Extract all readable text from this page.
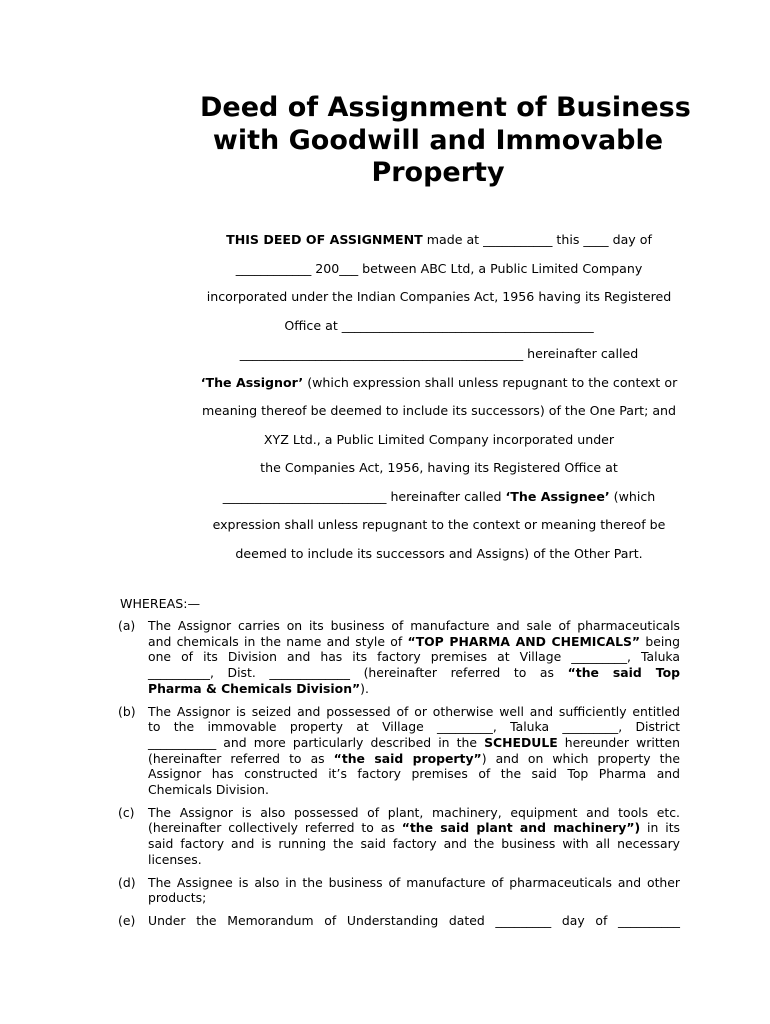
Deed of Assignment of Business
with Goodwill and Immovable
Property
THIS DEED OF ASSIGNMENT made at ___________ this ____ day of
____________ 200___ between ABC Ltd, a Public Limited Company
incorporated under the Indian Companies Act, 1956 having its Registered
Office at ________________________________________
_____________________________________________ hereinafter called
‘The Assignor’ (which expression shall unless repugnant to the context or
meaning thereof be deemed to include its successors) of the One Part; and
XYZ Ltd., a Public Limited Company incorporated under
the Companies Act, 1956, having its Registered Office at
__________________________ hereinafter called ‘The Assignee’ (which
expression shall unless repugnant to the context or meaning thereof be
deemed to include its successors and Assigns) of the Other Part.
WHEREAS:—
(a) The Assignor carries on its business of manufacture and sale of pharmaceuticals
and chemicals in the name and style of “TOP PHARMA AND CHEMICALS” being
one of its Division and has its factory premises at Village _________, Taluka
__________, Dist. _____________ (hereinafter referred to as “the said Top
Pharma & Chemicals Division”).
(b) The Assignor is seized and possessed of or otherwise well and sufficiently entitled
to the immovable property at Village _________, Taluka _________, District
___________ and more particularly described in the SCHEDULE hereunder written
(hereinafter referred to as “the said property”) and on which property the
Assignor has constructed it’s factory premises of the said Top Pharma and
Chemicals Division.
(c) The Assignor is also possessed of plant, machinery, equipment and tools etc.
(hereinafter collectively referred to as “the said plant and machinery”) in its
said factory and is running the said factory and the business with all necessary
licenses.
(d) The Assignee is also in the business of manufacture of pharmaceuticals and other
products;
(e) Under the Memorandum of Understanding dated _________ day of __________
